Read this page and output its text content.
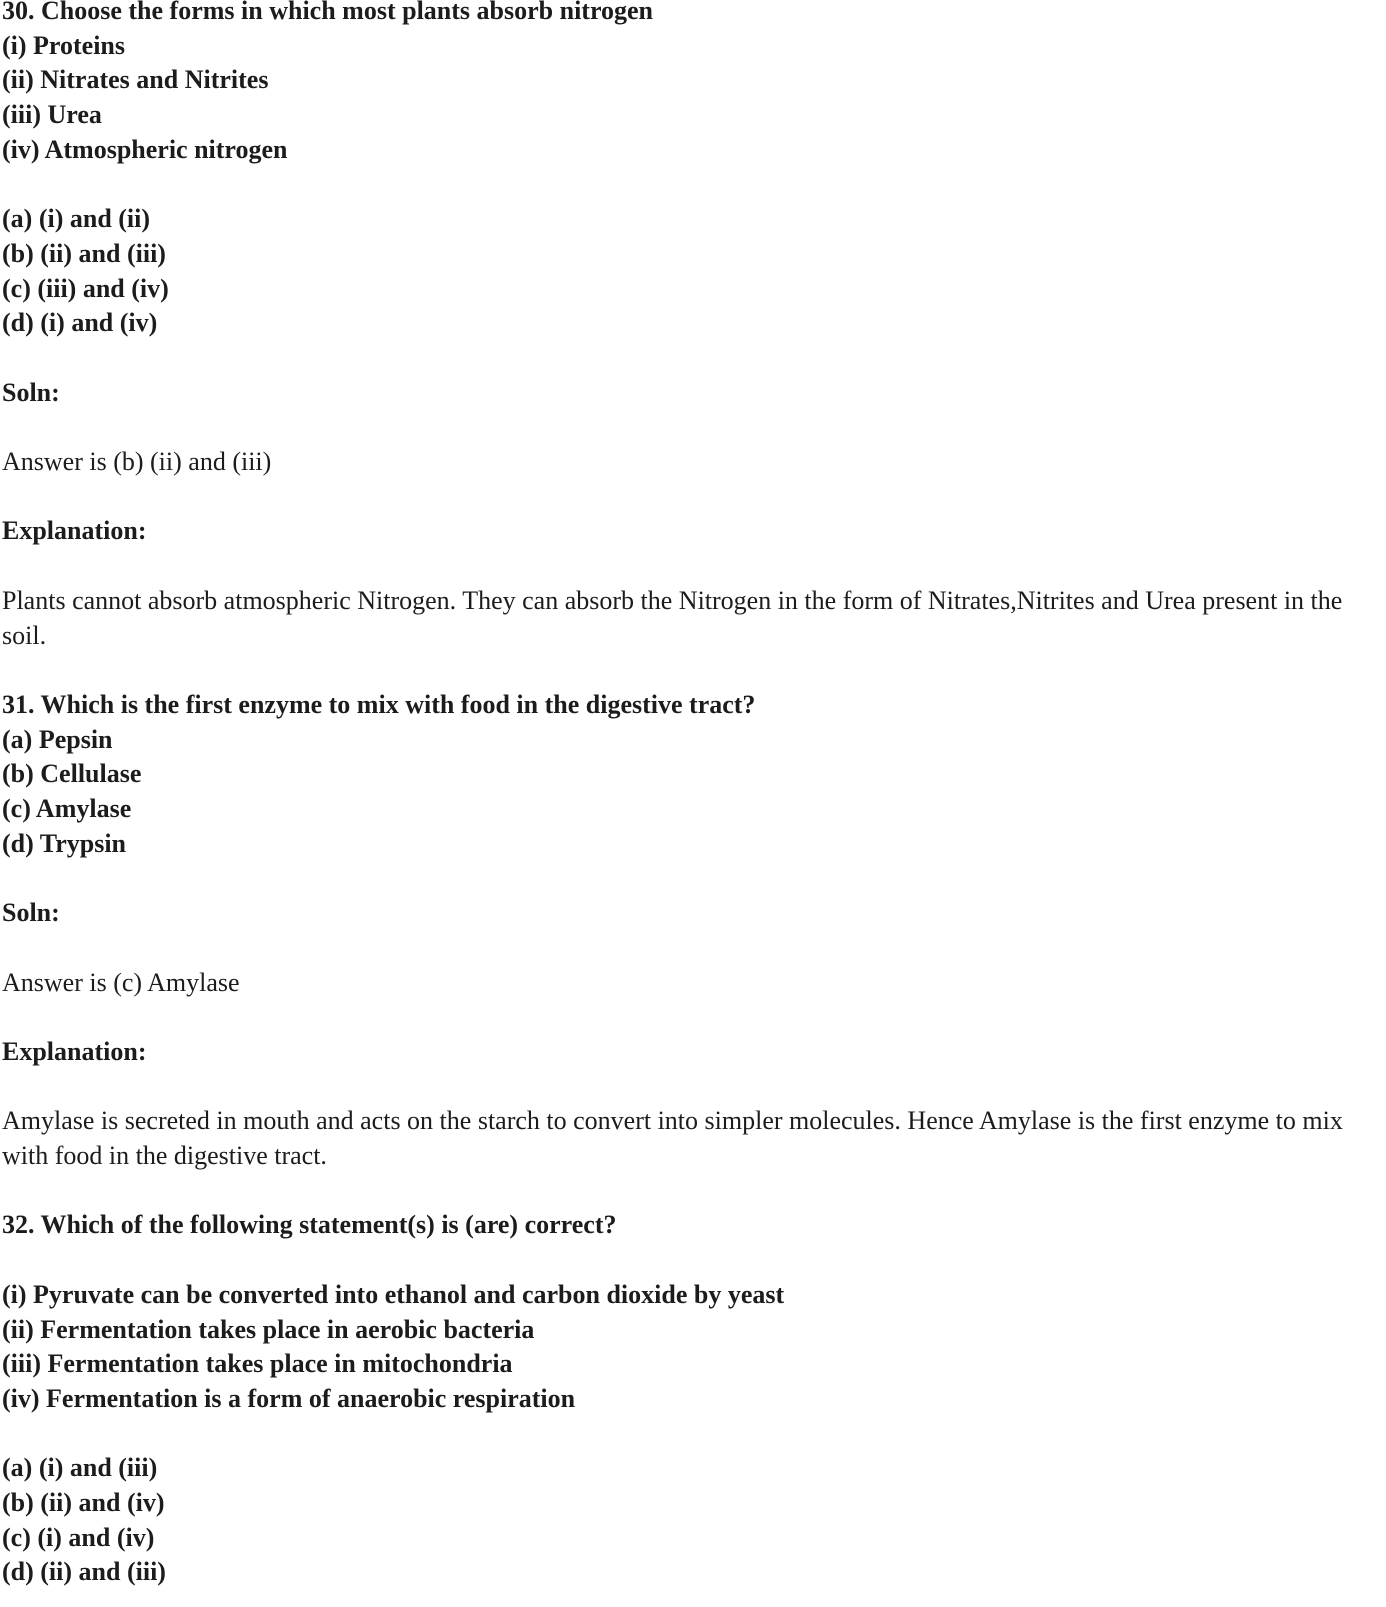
30. Choose the forms in which most plants absorb nitrogen
(i) Proteins
(ii) Nitrates and Nitrites
(iii) Urea
(iv) Atmospheric nitrogen
(a) (i) and (ii)
(b) (ii) and (iii)
(c) (iii) and (iv)
(d) (i) and (iv)
Soln:
Answer is (b) (ii) and (iii)
Explanation:
Plants cannot absorb atmospheric Nitrogen. They can absorb the Nitrogen in the form of Nitrates,Nitrites and Urea present in the soil.
31. Which is the first enzyme to mix with food in the digestive tract?
(a) Pepsin
(b) Cellulase
(c) Amylase
(d) Trypsin
Soln:
Answer is (c) Amylase
Explanation:
Amylase is secreted in mouth and acts on the starch to convert into simpler molecules. Hence Amylase is the first enzyme to mix with food in the digestive tract.
32. Which of the following statement(s) is (are) correct?
(i) Pyruvate can be converted into ethanol and carbon dioxide by yeast
(ii) Fermentation takes place in aerobic bacteria
(iii) Fermentation takes place in mitochondria
(iv) Fermentation is a form of anaerobic respiration
(a) (i) and (iii)
(b) (ii) and (iv)
(c) (i) and (iv)
(d) (ii) and (iii)
